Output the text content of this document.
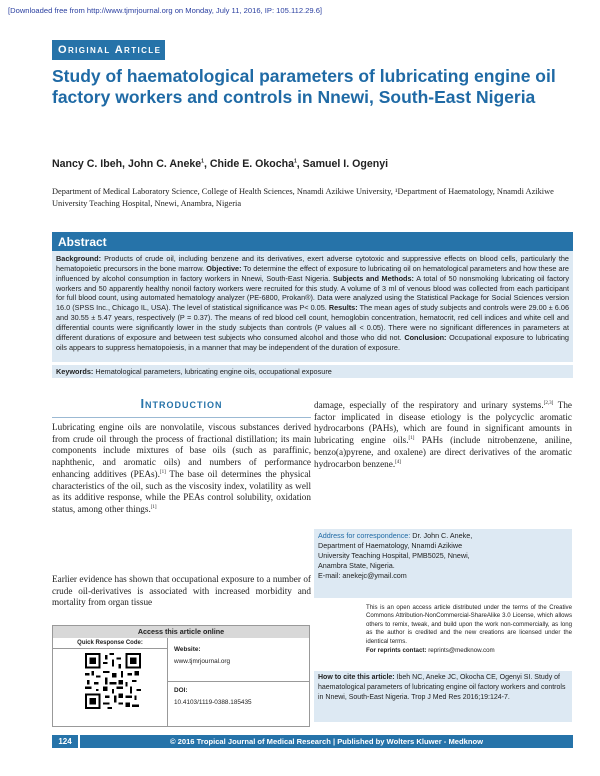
[Downloaded free from http://www.tjmrjournal.org on Monday, July 11, 2016, IP: 105.112.29.6]
Original Article
Study of haematological parameters of lubricating engine oil factory workers and controls in Nnewi, South-East Nigeria
Nancy C. Ibeh, John C. Aneke$^1$, Chide E. Okocha$^1$, Samuel I. Ogenyi
Department of Medical Laboratory Science, College of Health Sciences, Nnamdi Azikiwe University, ¹Department of Haematology, Nnamdi Azikiwe University Teaching Hospital, Nnewi, Anambra, Nigeria
Abstract
Background: Products of crude oil, including benzene and its derivatives, exert adverse cytotoxic and suppressive effects on blood cells, particularly the hematopoietic precursors in the bone marrow. Objective: To determine the effect of exposure to lubricating oil on hematological parameters and how these are influenced by alcohol consumption in factory workers in Nnewi, South-East Nigeria. Subjects and Methods: A total of 50 nonsmoking lubricating oil factory workers and 50 apparently healthy nonoil factory workers were recruited for this study. A volume of 3 ml of venous blood was collected from each participant for full blood count, using automated hematology analyzer (PE-6800, Prokan®). Data were analyzed using the Statistical Package for Social Sciences version 16.0 (SPSS Inc., Chicago IL, USA). The level of statistical significance was P< 0.05. Results: The mean ages of study subjects and controls were 29.00 ± 6.06 and 30.55 ± 5.47 years, respectively (P = 0.37). The means of red blood cell count, hemoglobin concentration, hematocrit, red cell indices and white cell and differential counts were significantly lower in the study subjects than controls (P values all < 0.05). There were no significant differences in parameters at different durations of exposure and between test subjects who consumed alcohol and those who did not. Conclusion: Occupational exposure to lubricating oils appears to suppress hematopoiesis, in a manner that may be independent of the duration of exposure.
Keywords: Hematological parameters, lubricating engine oils, occupational exposure
Introduction
Lubricating engine oils are nonvolatile, viscous substances derived from crude oil through the process of fractional distillation; its main components include mixtures of base oils (such as paraffinic, naphthenic, and aromatic oils) and numbers of performance enhancing additives (PEAs).[1] The base oil determines the physical characteristics of the oil, such as the viscosity index, volatility as well as its additive response, while the PEAs control solubility, oxidation status, among other things.[1]
Earlier evidence has shown that occupational exposure to a number of crude oil-derivatives is associated with increased morbidity and mortality from organ tissue
damage, especially of the respiratory and urinary systems.[2,3] The factor implicated in disease etiology is the polycyclic aromatic hydrocarbons (PAHs), which are found in significant amounts in lubricating engine oils.[1] PAHs (include nitrobenzene, aniline, benzo(a)pyrene, and oxalene) are direct derivatives of the aromatic hydrocarbon benzene.[4]
Address for correspondence: Dr. John C. Aneke,
Department of Haematology, Nnamdi Azikiwe
University Teaching Hospital, PMB5025, Nnewi,
Anambra State, Nigeria.
E-mail: anekejc@ymail.com
This is an open access article distributed under the terms of the Creative Commons Attribution-NonCommercial-ShareAlike 3.0 License, which allows others to remix, tweak, and build upon the work non-commercially, as long as the author is credited and the new creations are licensed under the identical terms.
For reprints contact: reprints@medknow.com
How to cite this article: Ibeh NC, Aneke JC, Okocha CE, Ogenyi SI. Study of haematological parameters of lubricating engine oil factory workers and controls in Nnewi, South-East Nigeria. Trop J Med Res 2016;19:124-7.
Access this article online
Quick Response Code:
Website:
www.tjmrjournal.org
DOI:
10.4103/1119-0388.185435
124	© 2016 Tropical Journal of Medical Research | Published by Wolters Kluwer - Medknow
